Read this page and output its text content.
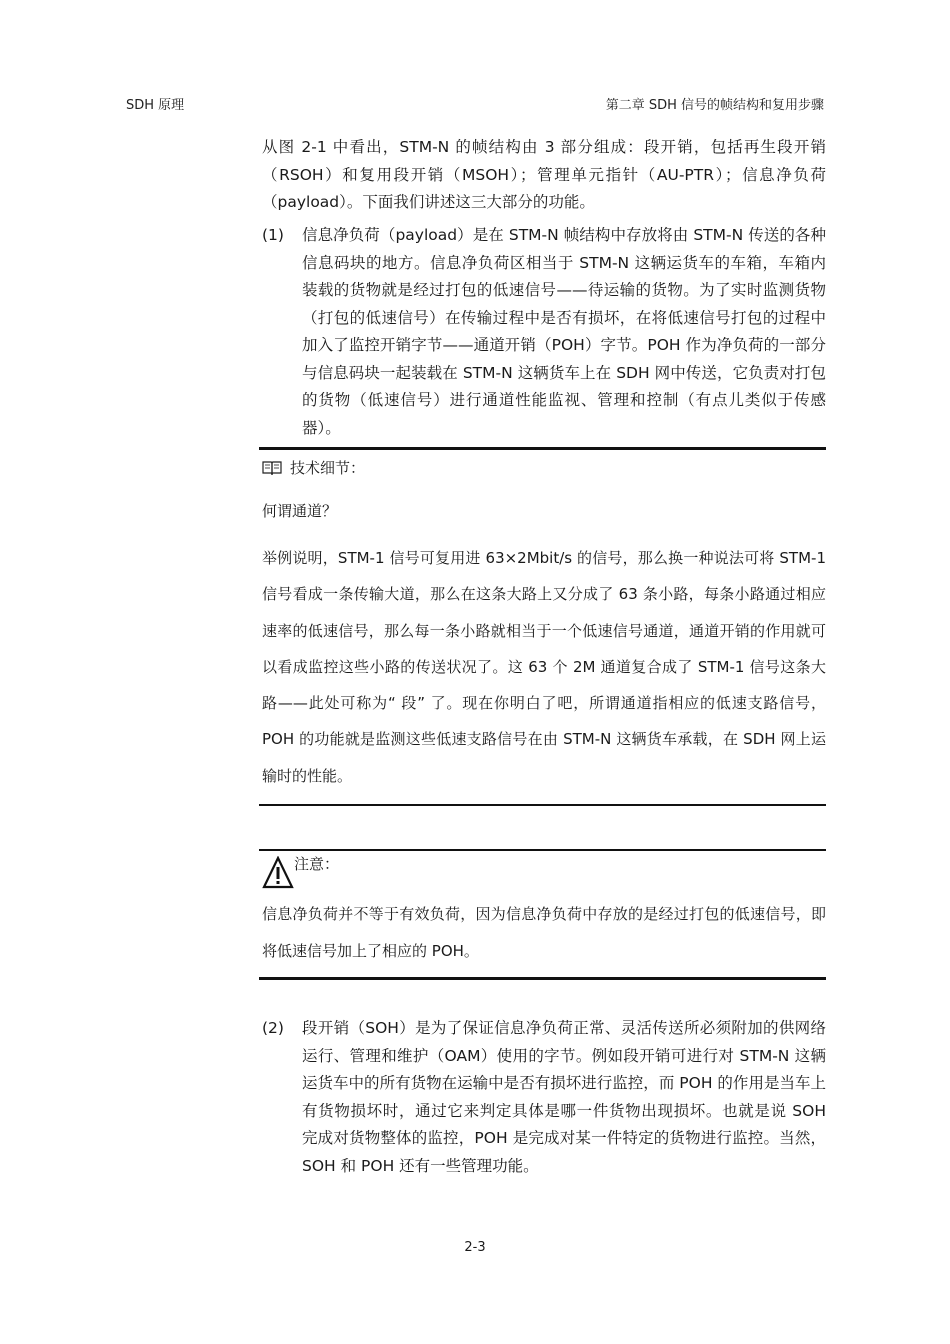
SDH 原理	第二章 SDH 信号的帧结构和复用步骤
从图 2-1 中看出，STM-N 的帧结构由 3 部分组成：段开销，包括再生段开销（RSOH）和复用段开销（MSOH）；管理单元指针（AU-PTR）；信息净负荷（payload）。下面我们讲述这三大部分的功能。
(1) 信息净负荷（payload）是在 STM-N 帧结构中存放将由 STM-N 传送的各种信息码块的地方。信息净负荷区相当于 STM-N 这辆运货车的车箱，车箱内装载的货物就是经过打包的低速信号——待运输的货物。为了实时监测货物（打包的低速信号）在传输过程中是否有损坏，在将低速信号打包的过程中加入了监控开销字节——通道开销（POH）字节。POH 作为净负荷的一部分与信息码块一起装载在 STM-N 这辆货车上在 SDH 网中传送，它负责对打包的货物（低速信号）进行通道性能监视、管理和控制（有点儿类似于传感器）。
技术细节：
何谓通道？
举例说明，STM-1 信号可复用进 63×2Mbit/s 的信号，那么换一种说法可将 STM-1 信号看成一条传输大道，那么在这条大路上又分成了 63 条小路，每条小路通过相应速率的低速信号，那么每一条小路就相当于一个低速信号通道，通道开销的作用就可以看成监控这些小路的传送状况了。这 63 个 2M 通道复合成了 STM-1 信号这条大路——此处可称为“ 段” 了。现在你明白了吧，所谓通道指相应的低速支路信号，POH 的功能就是监测这些低速支路信号在由 STM-N 这辆货车承载，在 SDH 网上运输时的性能。
注意：
信息净负荷并不等于有效负荷，因为信息净负荷中存放的是经过打包的低速信号，即将低速信号加上了相应的 POH。
(2) 段开销（SOH）是为了保证信息净负荷正常、灵活传送所必须附加的供网络运行、管理和维护（OAM）使用的字节。例如段开销可进行对 STM-N 这辆运货车中的所有货物在运输中是否有损坏进行监控，而 POH 的作用是当车上有货物损坏时，通过它来判定具体是哪一件货物出现损坏。也就是说 SOH 完成对货物整体的监控，POH 是完成对某一件特定的货物进行监控。当然，SOH 和 POH 还有一些管理功能。
2-3
